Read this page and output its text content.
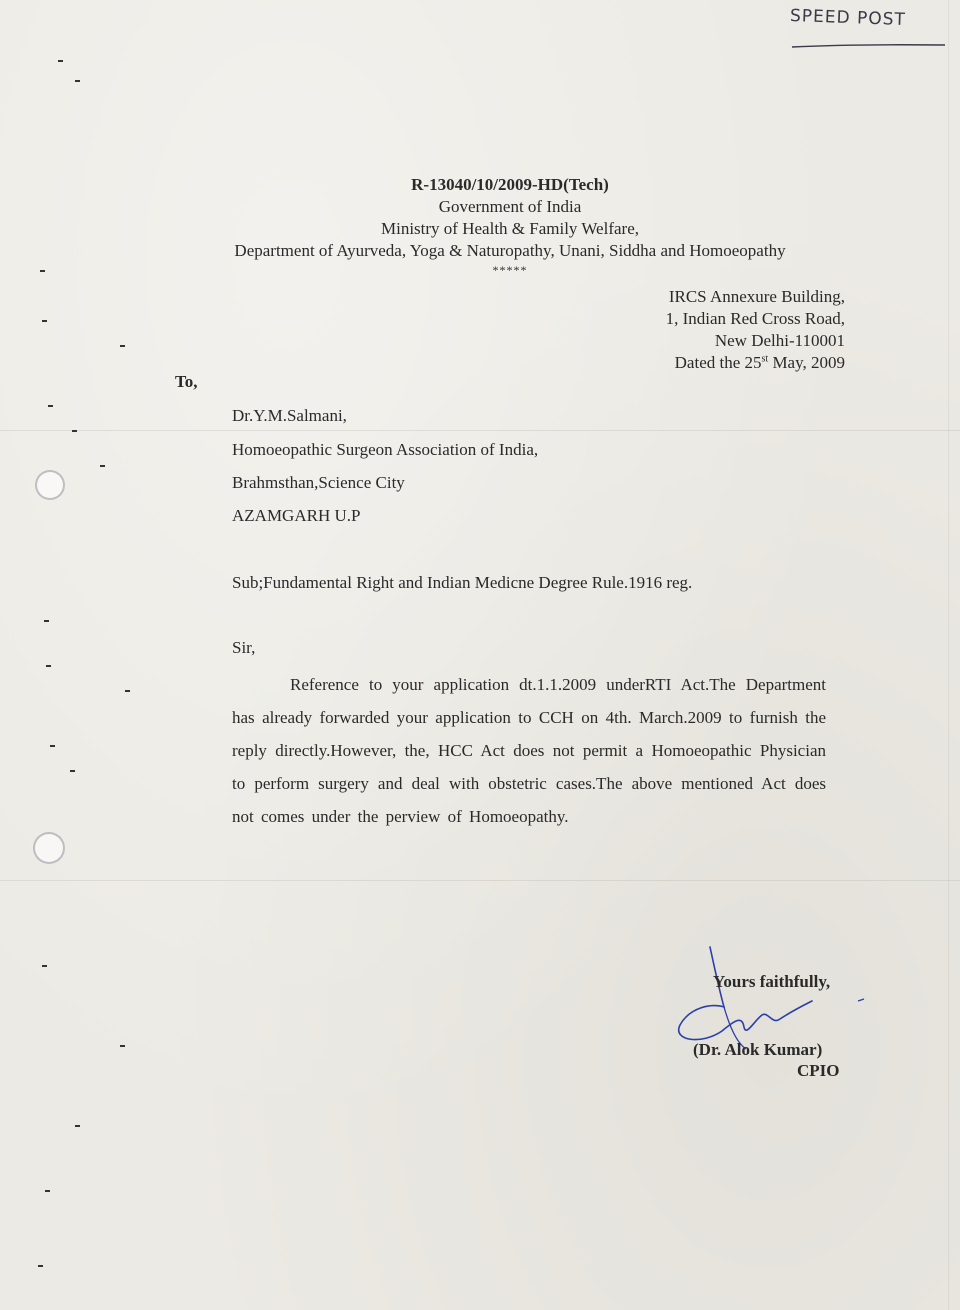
SPEED POST
R-13040/10/2009-HD(Tech)
Government of India
Ministry of Health & Family Welfare,
Department of Ayurveda, Yoga & Naturopathy, Unani, Siddha and Homoeopathy
*****
IRCS Annexure Building,
1, Indian Red Cross Road,
New Delhi-110001
Dated the 25st May, 2009
To,
Dr.Y.M.Salmani,
Homoeopathic Surgeon Association of India,
Brahmsthan,Science City
AZAMGARH U.P
Sub;Fundamental Right and Indian Medicne Degree Rule.1916 reg.
Sir,
Reference to your application dt.1.1.2009 underRTI Act.The Department has already forwarded your application to CCH on 4th. March.2009 to furnish the reply directly.However, the, HCC Act does not permit a Homoeopathic Physician to perform surgery and deal with obstetric cases.The above mentioned Act does not comes under the perview of Homoeopathy.
Yours faithfully,
(Dr. Alok Kumar)
CPIO
